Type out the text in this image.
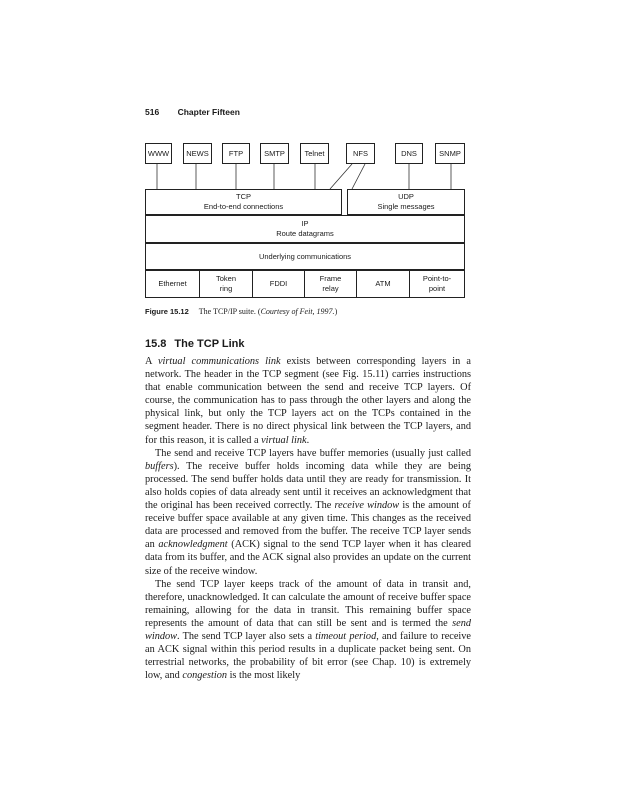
516 Chapter Fifteen
WWW NEWS	FTP	SMTP	Telnet	NFS	DNS	SNMP
TCP
End-to-end connections
UDP
Single messages
IP
Route datagrams
Underlying communications
Ethernet
Token
ring
FDDI
Frame
relay
ATM
Point-to-
point
Figure 15.12 The TCP/IP suite. (Courtesy of Feit, 1997.)
15.8 The TCP Link

A virtual communications link exists between corresponding layers in a network. The header in the TCP segment (see Fig. 15.11) carries instructions that enable communication between the send and receive TCP layers. Of course, the communication has to pass through the other layers and along the physical link, but only the TCP layers act on the TCPs contained in the segment header. There is no direct physical link between the TCP layers, and for this reason, it is called a virtual link.

The send and receive TCP layers have buffer memories (usually just called buffers). The receive buffer holds incoming data while they are being processed. The send buffer holds data until they are ready for transmission. It also holds copies of data already sent until it receives an acknowledgment that the original has been received correctly. The receive window is the amount of receive buffer space available at any given time. This changes as the received data are processed and removed from the buffer. The receive TCP layer sends an acknowledgment (ACK) signal to the send TCP layer when it has cleared data from its buffer, and the ACK signal also provides an update on the current size of the receive window.

The send TCP layer keeps track of the amount of data in transit and, therefore, unacknowledged. It can calculate the amount of receive buffer space remaining, allowing for the data in transit. This remaining buffer space represents the amount of data that can still be sent and is termed the send window. The send TCP layer also sets a timeout period, and failure to receive an ACK signal within this period results in a duplicate packet being sent. On terrestrial networks, the probability of bit error (see Chap. 10) is extremely low, and congestion is the most likely
